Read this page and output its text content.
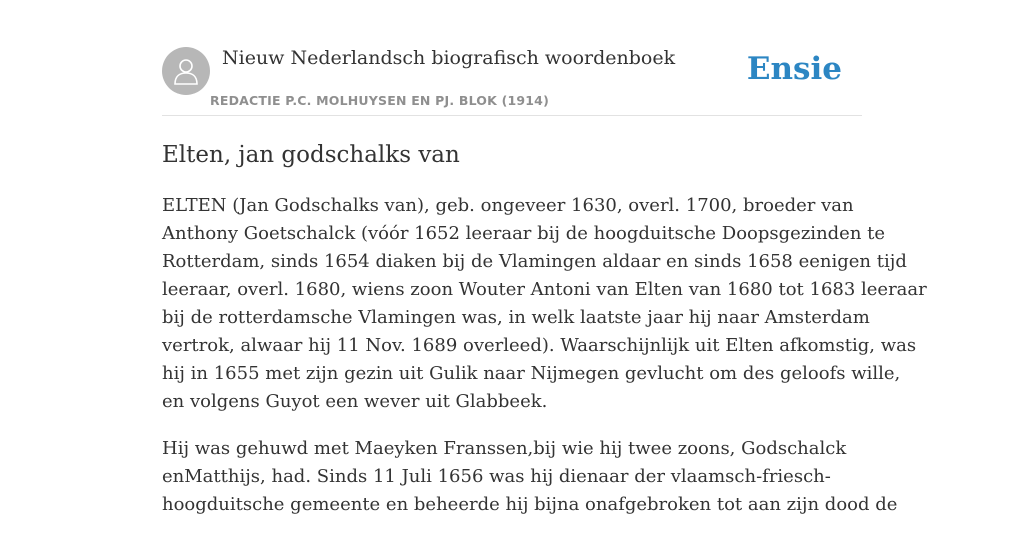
Nieuw Nederlandsch biografisch woordenboek
REDACTIE P.C. MOLHUYSEN EN PJ. BLOK (1914)
Ensie
Elten, jan godschalks van

ELTEN (Jan Godschalks van), geb. ongeveer 1630, overl. 1700, broeder van
Anthony Goetschalck (vóór 1652 leeraar bij de hoogduitsche Doopsgezinden te
Rotterdam, sinds 1654 diaken bij de Vlamingen aldaar en sinds 1658 eenigen tijd
leeraar, overl. 1680, wiens zoon Wouter Antoni van Elten van 1680 tot 1683 leeraar
bij de rotterdamsche Vlamingen was, in welk laatste jaar hij naar Amsterdam
vertrok, alwaar hij 11 Nov. 1689 overleed). Waarschijnlijk uit Elten afkomstig, was
hij in 1655 met zijn gezin uit Gulik naar Nijmegen gevlucht om des geloofs wille,
en volgens Guyot een wever uit Glabbeek.

Hij was gehuwd met Maeyken Franssen,bij wie hij twee zoons, Godschalck
enMatthijs, had. Sinds 11 Juli 1656 was hij dienaar der vlaamsch-friesch-
hoogduitsche gemeente en beheerde hij bijna onafgebroken tot aan zijn dood de
